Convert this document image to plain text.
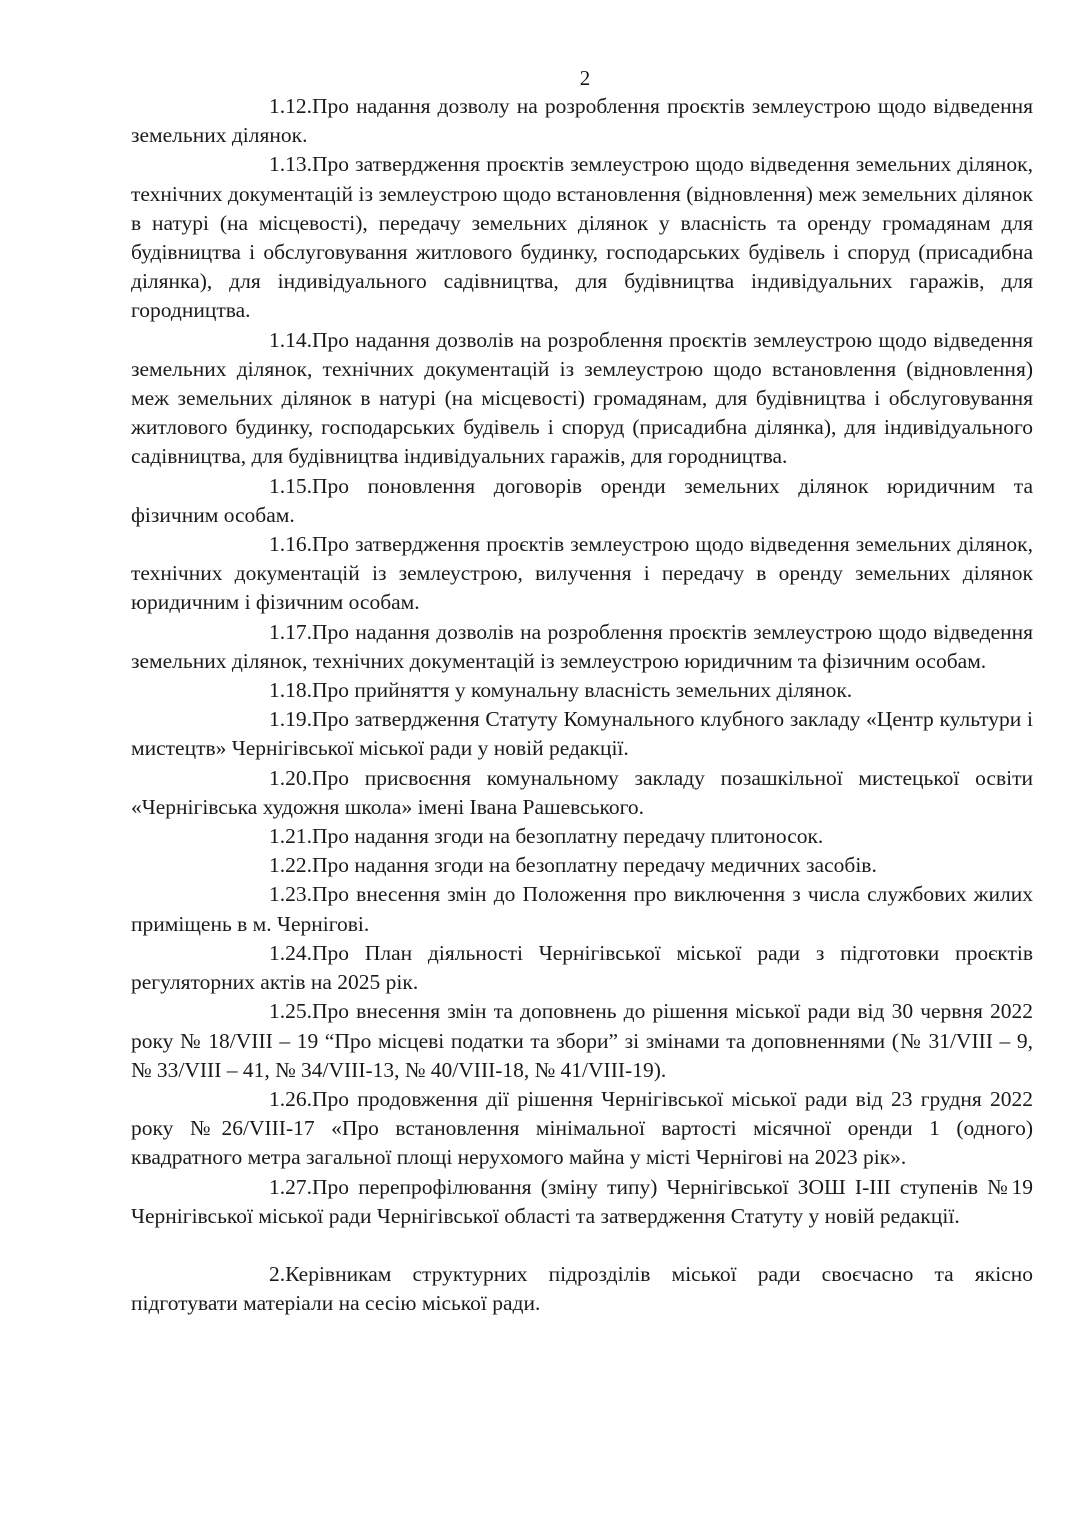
2

1.12.Про надання дозволу на розроблення проєктів землеустрою щодо відведення земельних ділянок.

1.13.Про затвердження проєктів землеустрою щодо відведення земельних ділянок, технічних документацій із землеустрою щодо встановлення (відновлення) меж земельних ділянок в натурі (на місцевості), передачу земельних ділянок у власність та оренду громадянам для будівництва і обслуговування житлового будинку, господарських будівель і споруд (присадибна ділянка), для індивідуального садівництва, для будівництва індивідуальних гаражів, для городництва.

1.14.Про надання дозволів на розроблення проєктів землеустрою щодо відведення земельних ділянок, технічних документацій із землеустрою щодо встановлення (відновлення) меж земельних ділянок в натурі (на місцевості) громадянам, для будівництва і обслуговування житлового будинку, господарських будівель і споруд (присадибна ділянка), для індивідуального садівництва, для будівництва індивідуальних гаражів, для городництва.

1.15.Про поновлення договорів оренди земельних ділянок юридичним та фізичним особам.

1.16.Про затвердження проєктів землеустрою щодо відведення земельних ділянок, технічних документацій із землеустрою, вилучення і передачу в оренду земельних ділянок юридичним і фізичним особам.

1.17.Про надання дозволів на розроблення проєктів землеустрою щодо відведення земельних ділянок, технічних документацій із землеустрою юридичним та фізичним особам.

1.18.Про прийняття у комунальну власність земельних ділянок.

1.19.Про затвердження Статуту Комунального клубного закладу «Центр культури і мистецтв» Чернігівської міської ради у новій редакції.

1.20.Про присвоєння комунальному закладу позашкільної мистецької освіти «Чернігівська художня школа» імені Івана Рашевського.

1.21.Про надання згоди на безоплатну передачу плитоносок.

1.22.Про надання згоди на безоплатну передачу медичних засобів.

1.23.Про внесення змін до Положення про виключення з числа службових жилих приміщень в м. Чернігові.

1.24.Про План діяльності Чернігівської міської ради з підготовки проєктів регуляторних актів на 2025 рік.

1.25.Про внесення змін та доповнень до рішення міської ради від 30 червня 2022 року № 18/VIII – 19 “Про місцеві податки та збори” зі змінами та доповненнями (№ 31/VIII – 9, № 33/VIII – 41, № 34/VIII-13, № 40/VIII-18, № 41/VIII-19).

1.26.Про продовження дії рішення Чернігівської міської ради від 23 грудня 2022 року №26/VIII-17 «Про встановлення мінімальної вартості місячної оренди 1 (одного) квадратного метра загальної площі нерухомого майна у місті Чернігові на 2023 рік».

1.27.Про перепрофілювання (зміну типу) Чернігівської ЗОШ І-ІІІ ступенів №19 Чернігівської міської ради Чернігівської області та затвердження Статуту у новій редакції.

2.Керівникам структурних підрозділів міської ради своєчасно та якісно підготувати матеріали на сесію міської ради.
